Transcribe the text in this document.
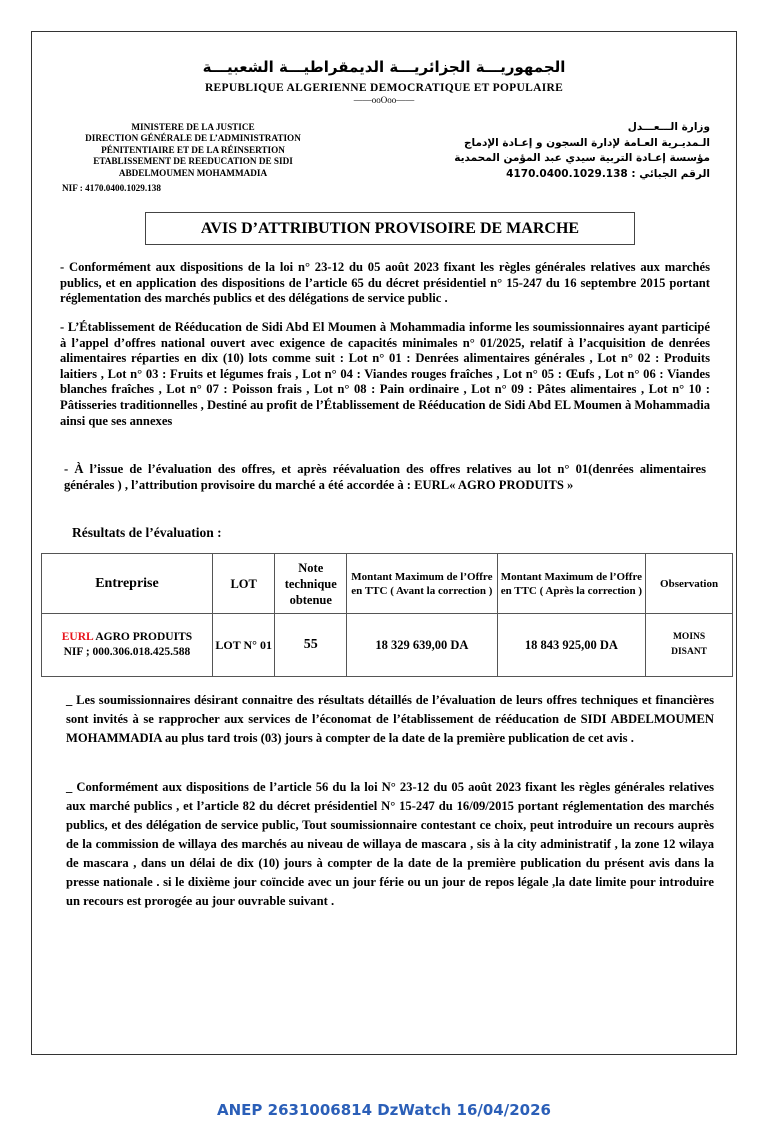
الجمهوريـــة الجزائريـــة الديمقراطيـــة الشعبيـــة
REPUBLIQUE ALGERIENNE DEMOCRATIQUE ET POPULAIRE
——ooOoo——
MINISTERE DE LA JUSTICE
DIRECTION GÉNÉRALE DE L’ADMINISTRATION
PÉNITENTIAIRE ET DE LA RÉINSERTION
ETABLISSEMENT DE REEDUCATION DE SIDI
ABDELMOUMEN MOHAMMADIA
NIF : 4170.0400.1029.138
وزارة الـــعـــدل
الـمديـرية العـامة لإدارة السجون و إعـادة الإدماج
مؤسسة إعـادة التربية سيدي عبد المؤمن المحمدية
الرقم الجبائي : 4170.0400.1029.138
AVIS D’ATTRIBUTION PROVISOIRE DE MARCHE
- Conformément aux dispositions de la loi n° 23-12 du 05 août 2023 fixant les règles générales relatives aux marchés publics, et en application des dispositions de l’article 65 du décret présidentiel n° 15-247 du 16 septembre 2015 portant réglementation des marchés publics et des délégations de service public .
- L’Établissement de Rééducation de Sidi Abd El Moumen à Mohammadia informe les soumissionnaires ayant participé à l’appel d’offres national ouvert avec exigence de capacités minimales n° 01/2025, relatif à l’acquisition de denrées alimentaires réparties en dix (10) lots comme suit : Lot n° 01 : Denrées alimentaires générales , Lot n° 02 : Produits laitiers , Lot n° 03 : Fruits et légumes frais , Lot n° 04 : Viandes rouges fraîches , Lot n° 05 : Œufs , Lot n° 06 : Viandes blanches fraîches , Lot n° 07 : Poisson frais , Lot n° 08 : Pain ordinaire , Lot n° 09 : Pâtes alimentaires , Lot n° 10 : Pâtisseries traditionnelles , Destiné au profit de l’Établissement de Rééducation de Sidi Abd EL Moumen à Mohammadia ainsi que ses annexes
- À l’issue de l’évaluation des offres, et après réévaluation des offres relatives au lot n° 01(denrées alimentaires générales ) , l’attribution provisoire du marché a été accordée à : EURL« AGRO PRODUITS »
Résultats de l’évaluation :
Entreprise	LOT	Note technique obtenue	Montant Maximum de l’Offre en TTC ( Avant la correction )	Montant Maximum de l’Offre en TTC ( Après la correction )	Observation
EURL AGRO PRODUITS
NIF ; 000.306.018.425.588	LOT N° 01	55	18 329 639,00 DA	18 843 925,00 DA	MOINS DISANT
_ Les soumissionnaires désirant connaitre des résultats détaillés de l’évaluation de leurs offres techniques et financières sont invités à se rapprocher aux services de l’économat de l’établissement de rééducation de SIDI ABDELMOUMEN MOHAMMADIA au plus tard trois (03) jours à compter de la date de la première publication de cet avis .
_ Conformément aux dispositions de l’article 56 du la loi N° 23-12 du 05 août 2023 fixant les règles générales relatives aux marché publics , et l’article 82 du décret présidentiel N° 15-247 du 16/09/2015 portant réglementation des marchés publics, et des délégation de service public, Tout soumissionnaire contestant ce choix, peut introduire un recours auprès de la commission de willaya des marchés au niveau de willaya de mascara , sis à la city administratif , la zone 12 wilaya de mascara , dans un délai de dix (10) jours à compter de la date de la première publication du présent avis dans la presse nationale . si le dixième jour coïncide avec un jour férie ou un jour de repos légale ,la date limite pour introduire un recours est prorogée au jour ouvrable suivant .
ANEP 2631006814 DzWatch 16/04/2026
